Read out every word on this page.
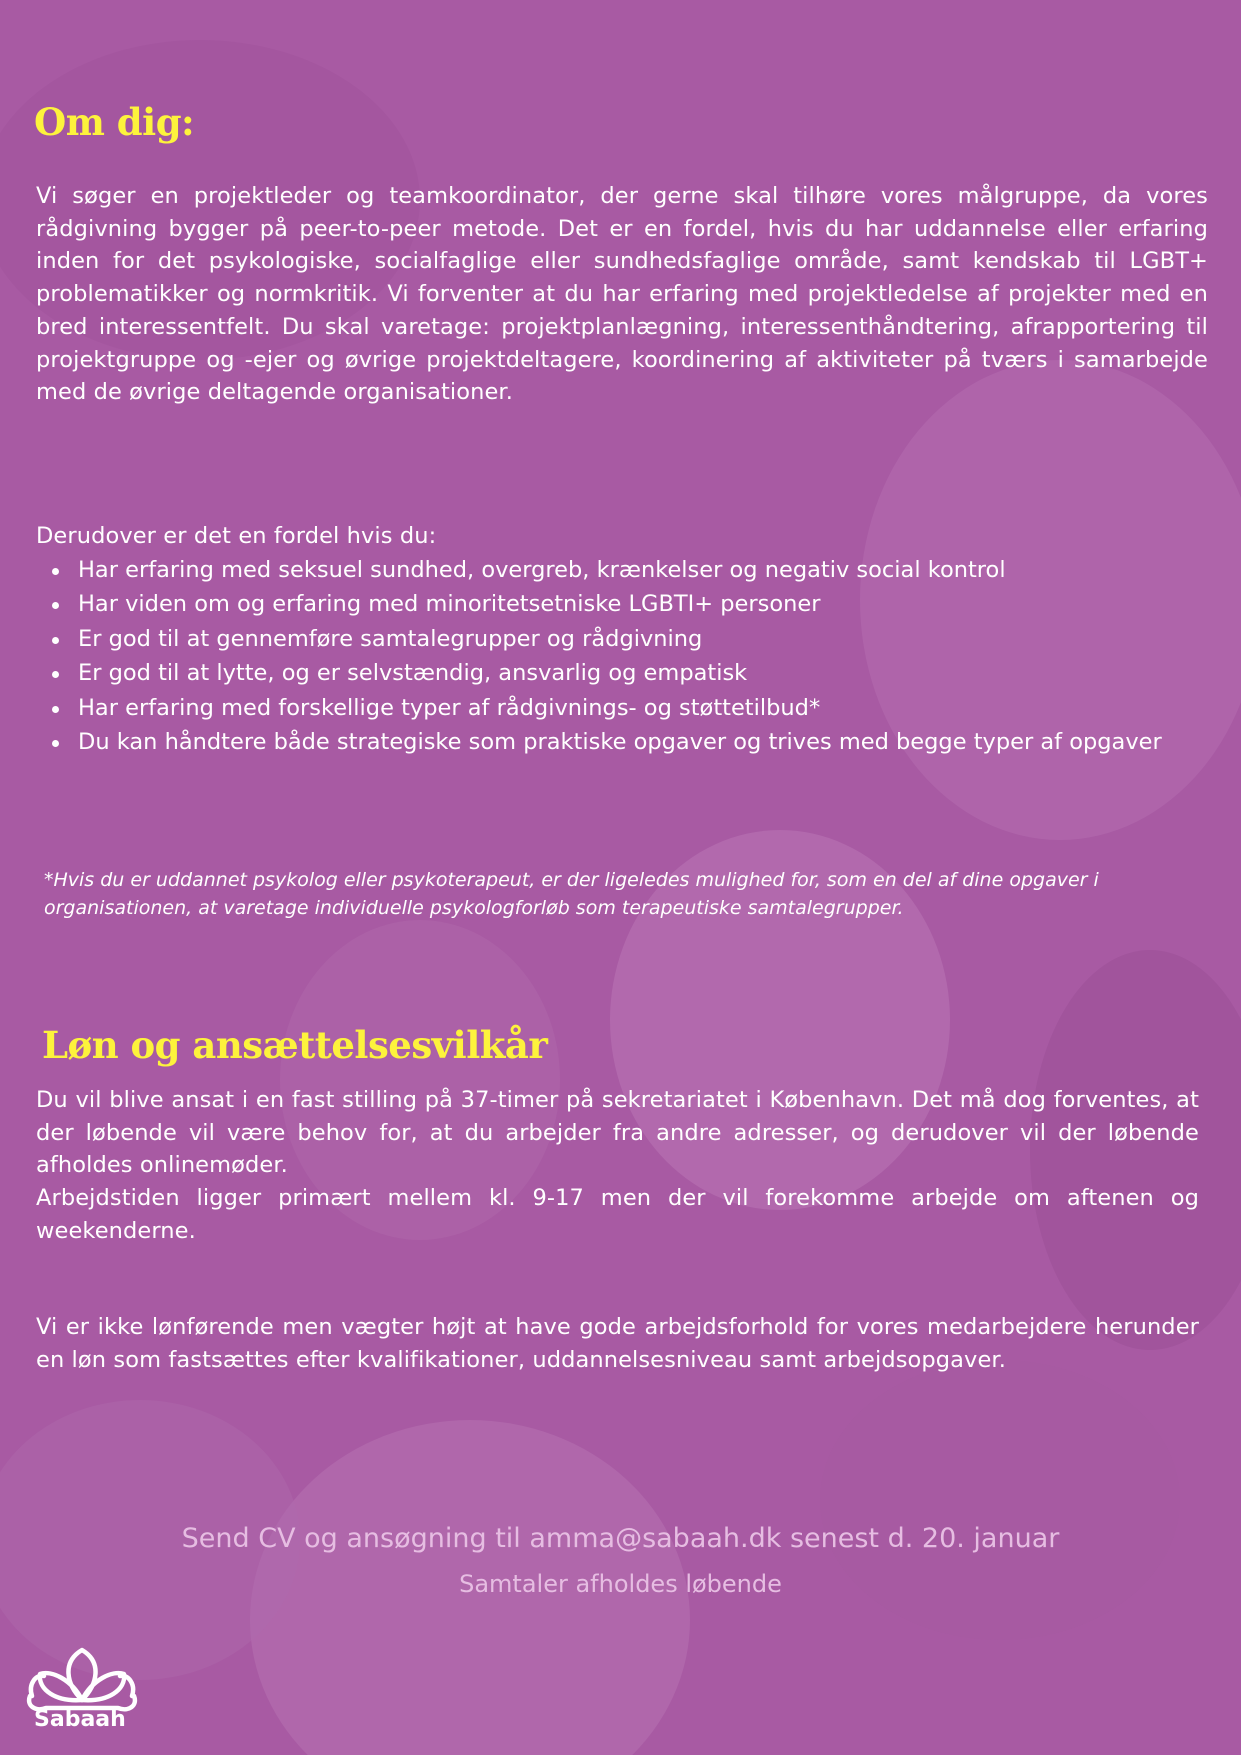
Om dig:

Vi søger en projektleder og teamkoordinator, der gerne skal tilhøre vores målgruppe, da vores rådgivning bygger på peer-to-peer metode. Det er en fordel, hvis du har uddannelse eller erfaring inden for det psykologiske, socialfaglige eller sundhedsfaglige område, samt kendskab til LGBT+ problematikker og normkritik. Vi forventer at du har erfaring med projektledelse af projekter med en bred interessentfelt. Du skal varetage: projektplanlægning, interessenthåndtering, afrapportering til projektgruppe og -ejer og øvrige projektdeltagere, koordinering af aktiviteter på tværs i samarbejde med de øvrige deltagende organisationer.

Derudover er det en fordel hvis du:

Har erfaring med seksuel sundhed, overgreb, krænkelser og negativ social kontrol
Har viden om og erfaring med minoritetsetniske LGBTI+ personer
Er god til at gennemføre samtalegrupper og rådgivning
Er god til at lytte, og er selvstændig, ansvarlig og empatisk
Har erfaring med forskellige typer af rådgivnings- og støttetilbud*
Du kan håndtere både strategiske som praktiske opgaver og trives med begge typer af opgaver
*Hvis du er uddannet psykolog eller psykoterapeut, er der ligeledes mulighed for, som en del af dine opgaver i organisationen, at varetage individuelle psykologforløb som terapeutiske samtalegrupper.
Løn og ansættelsesvilkår

Du vil blive ansat i en fast stilling på 37-timer på sekretariatet i København. Det må dog forventes, at der løbende vil være behov for, at du arbejder fra andre adresser, og derudover vil der løbende afholdes onlinemøder.

Arbejdstiden ligger primært mellem kl. 9-17 men der vil forekomme arbejde om aftenen og weekenderne.

Vi er ikke lønførende men vægter højt at have gode arbejdsforhold for vores medarbejdere herunder en løn som fastsættes efter kvalifikationer, uddannelsesniveau samt arbejdsopgaver.

Send CV og ansøgning til amma@sabaah.dk senest d. 20. januar
Samtaler afholdes løbende
Sabaah
